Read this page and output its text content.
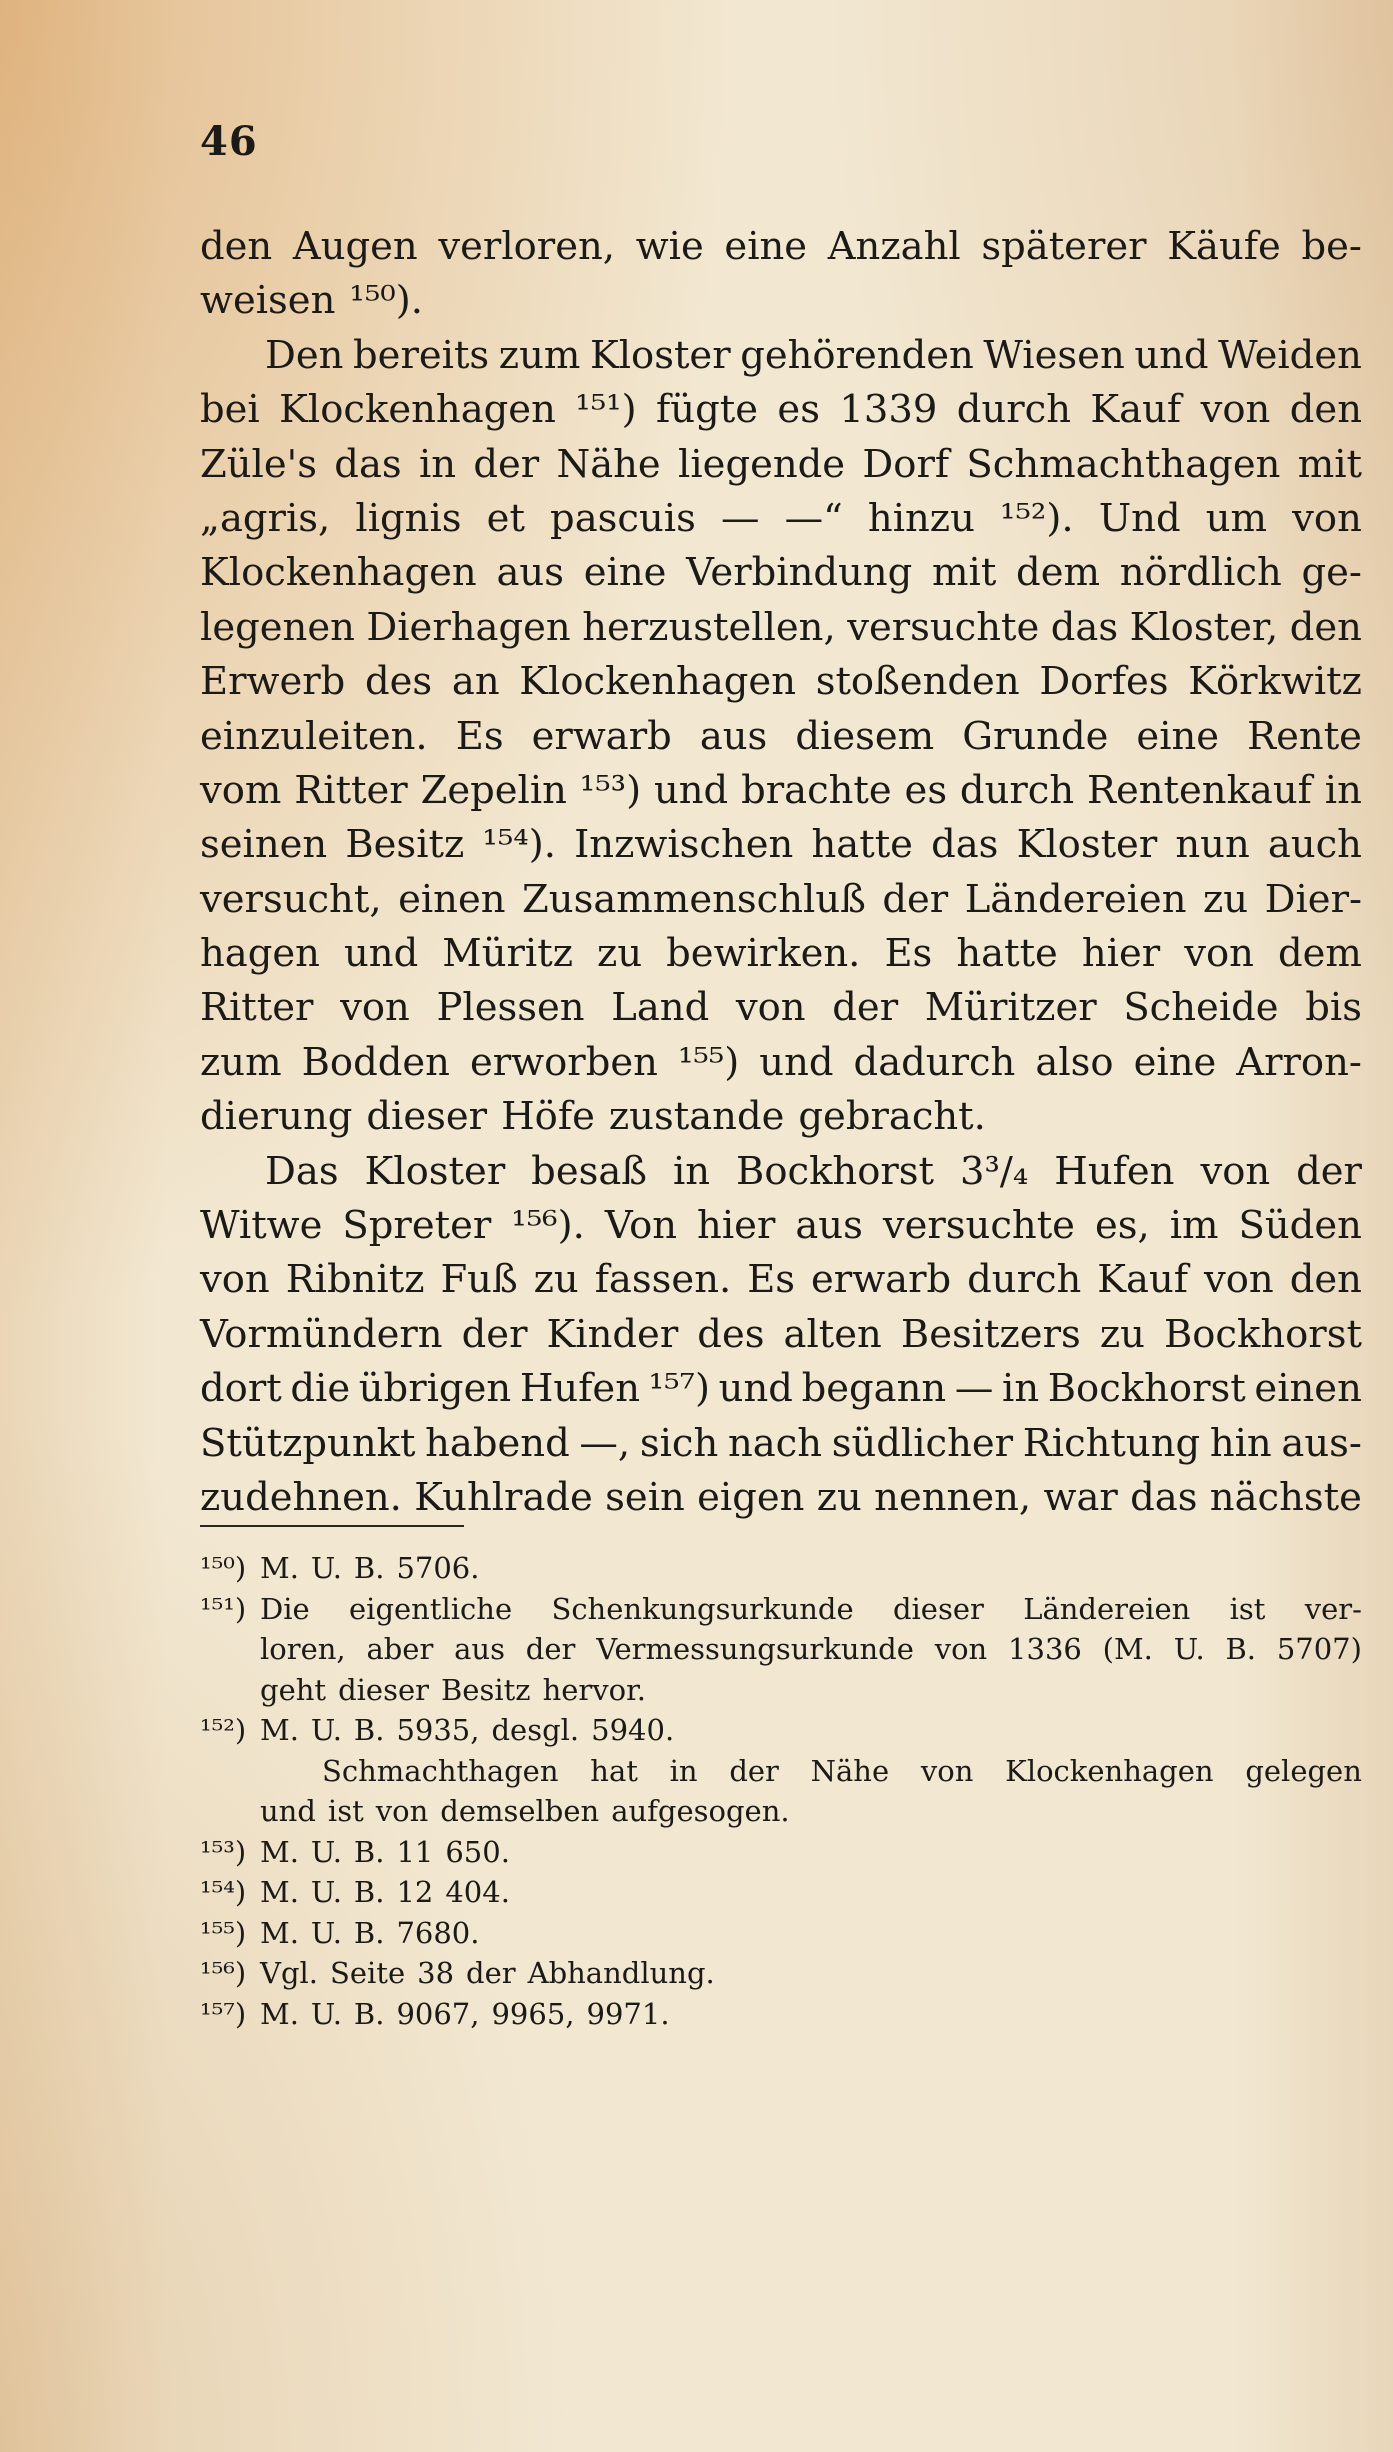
46
den Augen verloren, wie eine Anzahl späterer Käufe be-
weisen ¹⁵⁰).
Den bereits zum Kloster gehörenden Wiesen und Weiden
bei Klockenhagen ¹⁵¹) fügte es 1339 durch Kauf von den
Züle's das in der Nähe liegende Dorf Schmachthagen mit
„agris, lignis et pascuis — —“ hinzu ¹⁵²). Und um von
Klockenhagen aus eine Verbindung mit dem nördlich ge-
legenen Dierhagen herzustellen, versuchte das Kloster, den
Erwerb des an Klockenhagen stoßenden Dorfes Körkwitz
einzuleiten. Es erwarb aus diesem Grunde eine Rente
vom Ritter Zepelin ¹⁵³) und brachte es durch Rentenkauf in
seinen Besitz ¹⁵⁴). Inzwischen hatte das Kloster nun auch
versucht, einen Zusammenschluß der Ländereien zu Dier-
hagen und Müritz zu bewirken. Es hatte hier von dem
Ritter von Plessen Land von der Müritzer Scheide bis
zum Bodden erworben ¹⁵⁵) und dadurch also eine Arron-
dierung dieser Höfe zustande gebracht.
Das Kloster besaß in Bockhorst 3³/₄ Hufen von der
Witwe Spreter ¹⁵⁶). Von hier aus versuchte es, im Süden
von Ribnitz Fuß zu fassen. Es erwarb durch Kauf von den
Vormündern der Kinder des alten Besitzers zu Bockhorst
dort die übrigen Hufen ¹⁵⁷) und begann — in Bockhorst einen
Stützpunkt habend —, sich nach südlicher Richtung hin aus-
zudehnen. Kuhlrade sein eigen zu nennen, war das nächste
¹⁵⁰) M. U. B. 5706.
¹⁵¹) Die eigentliche Schenkungsurkunde dieser Ländereien ist ver-
loren, aber aus der Vermessungsurkunde von 1336 (M. U. B. 5707)
geht dieser Besitz hervor.
¹⁵²) M. U. B. 5935, desgl. 5940.
Schmachthagen hat in der Nähe von Klockenhagen gelegen
und ist von demselben aufgesogen.
¹⁵³) M. U. B. 11 650.
¹⁵⁴) M. U. B. 12 404.
¹⁵⁵) M. U. B. 7680.
¹⁵⁶) Vgl. Seite 38 der Abhandlung.
¹⁵⁷) M. U. B. 9067, 9965, 9971.
